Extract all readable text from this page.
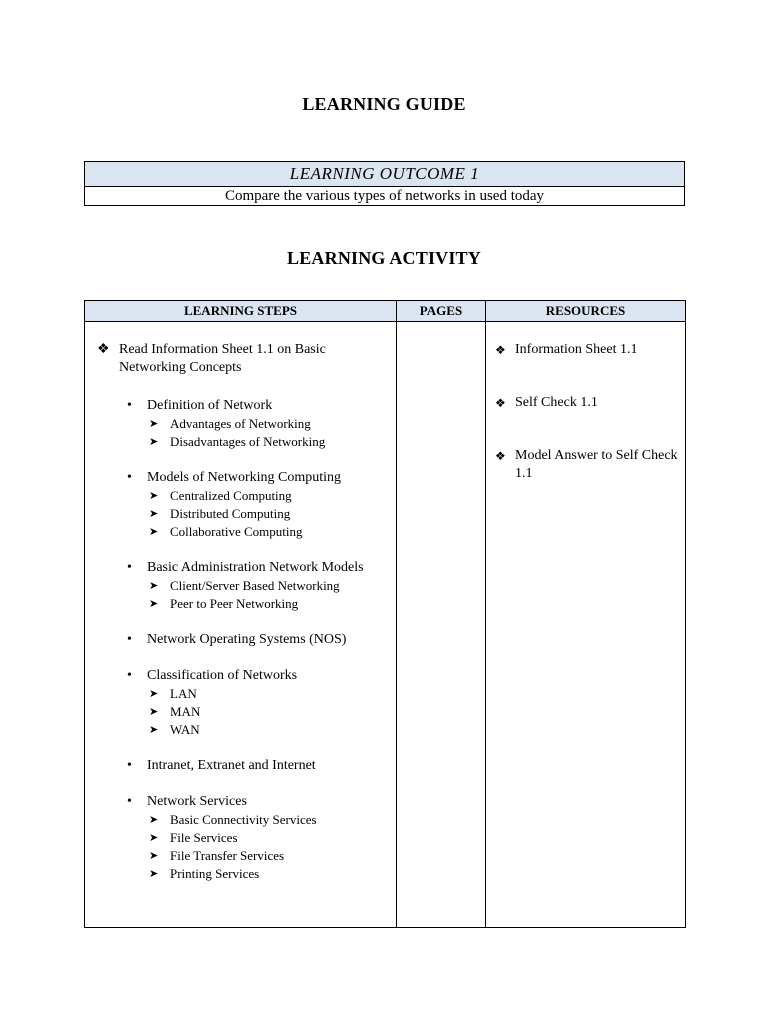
LEARNING GUIDE
LEARNING OUTCOME 1
Compare the various types of networks in used today
LEARNING ACTIVITY
LEARNING STEPS	PAGES	RESOURCES
❖ Read Information Sheet 1.1 on Basic Networking Concepts
• Definition of Network
➤ Advantages of Networking
➤ Disadvantages of Networking
• Models of Networking Computing
➤ Centralized Computing
➤ Distributed Computing
➤ Collaborative Computing
• Basic Administration Network Models
➤ Client/Server Based Networking
➤ Peer to Peer Networking
• Network Operating Systems (NOS)
• Classification of Networks
➤ LAN
➤ MAN
➤ WAN
• Intranet, Extranet and Internet
• Network Services
➤ Basic Connectivity Services
➤ File Services
➤ File Transfer Services
➤ Printing Services
❖ Information Sheet 1.1
❖ Self Check 1.1
❖ Model Answer to Self Check 1.1
